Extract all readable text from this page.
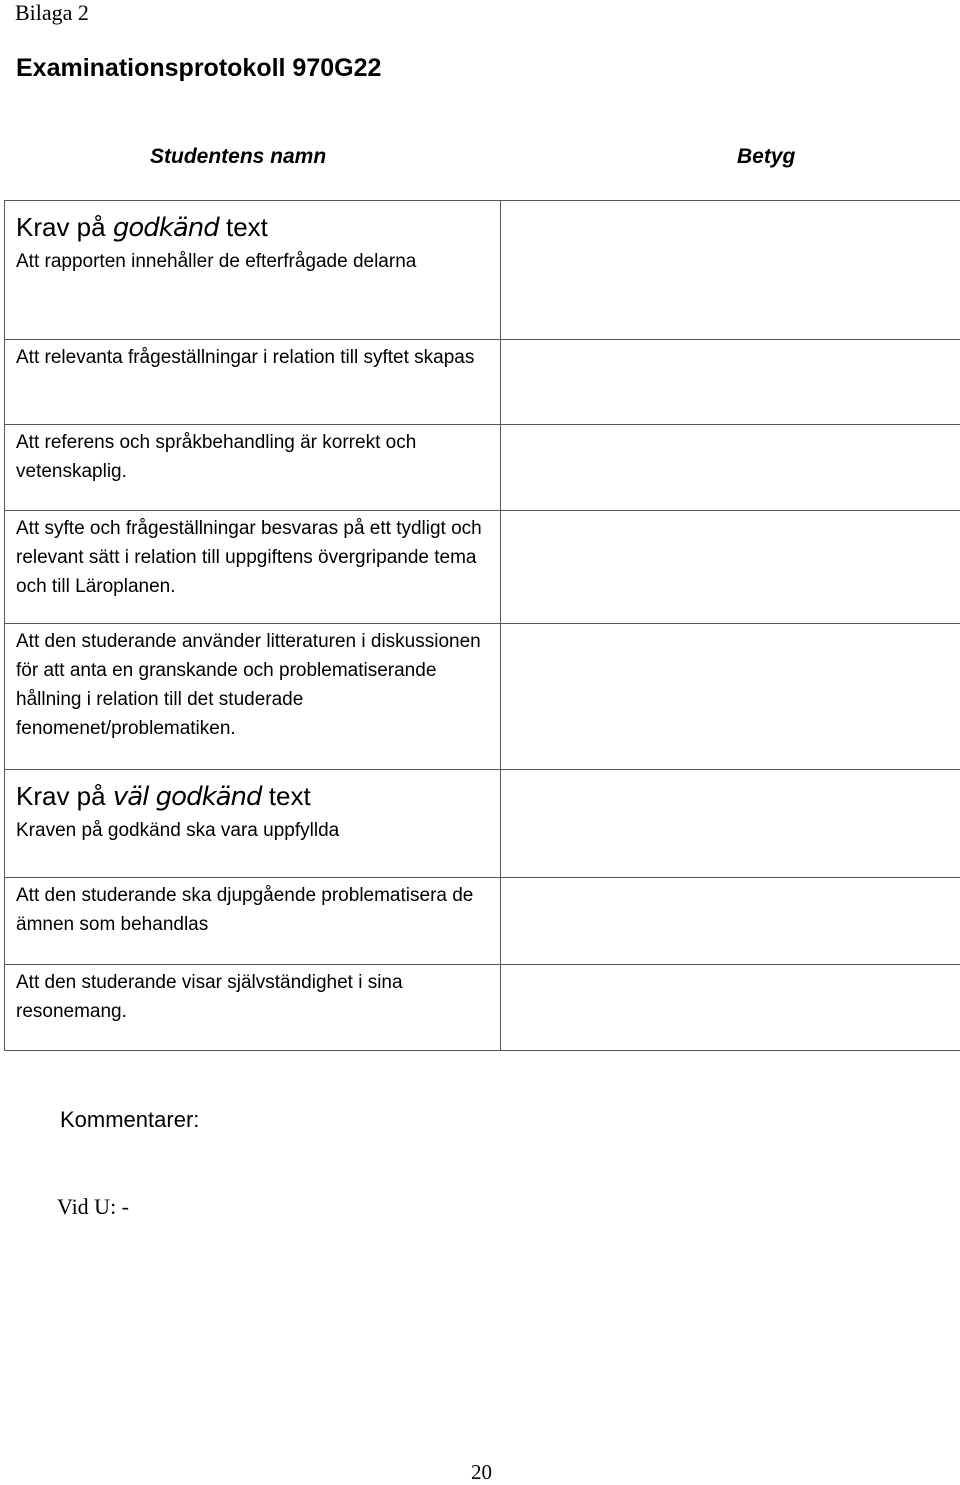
Bilaga 2
Examinationsprotokoll 970G22
Studentens namn	Betyg
Krav på godkänd text
Att rapporten innehåller de efterfrågade delarna	

Att relevanta frågeställningar i relation till syftet skapas	

Att referens och språkbehandling är korrekt och vetenskaplig.	

Att syfte och frågeställningar besvaras på ett tydligt och relevant sätt i relation till uppgiftens övergripande tema och till Läroplanen.	

Att den studerande använder litteraturen i diskussionen för att anta en granskande och problematiserande hållning i relation till det studerade fenomenet/problematiken.	

Krav på väl godkänd text
Kraven på godkänd ska vara uppfyllda	

Att den studerande ska djupgående problematisera de ämnen som behandlas	

Att den studerande visar självständighet i sina resonemang.	

Kommentarer:
Vid U: -
20
